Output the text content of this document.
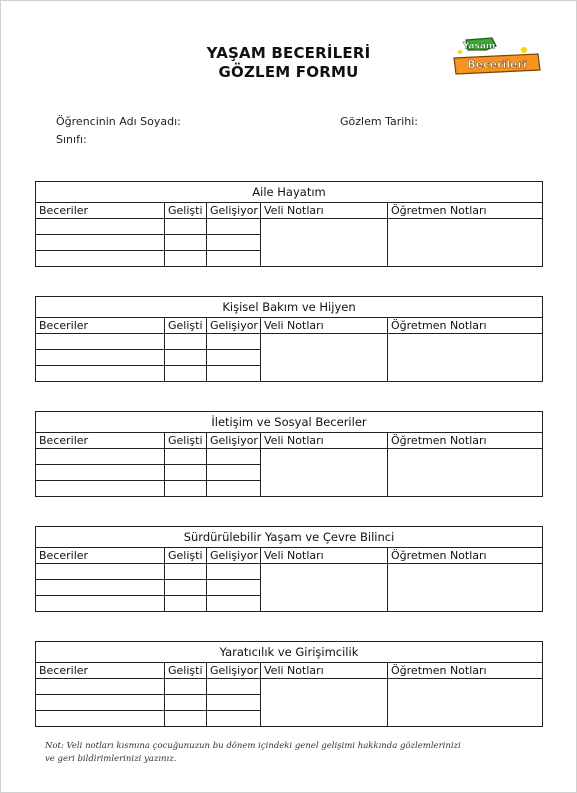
YAŞAM BECERİLERİ
GÖZLEM FORMU
Yaşam
Becerileri
Öğrencinin Adı Soyadı:
Sınıfı:
Gözlem Tarihi:
Aile Hayatım				
Beceriler	Gelişti	Gelişiyor	Veli Notları	Öğretmen Notları

Kişisel Bakım ve Hijyen				
Beceriler	Gelişti	Gelişiyor	Veli Notları	Öğretmen Notları

İletişim ve Sosyal Beceriler				
Beceriler	Gelişti	Gelişiyor	Veli Notları	Öğretmen Notları

Sürdürülebilir Yaşam ve Çevre Bilinci				
Beceriler	Gelişti	Gelişiyor	Veli Notları	Öğretmen Notları

Yaratıcılık ve Girişimcilik				
Beceriler	Gelişti	Gelişiyor	Veli Notları	Öğretmen Notları

Not: Veli notları kısmına çocuğunuzun bu dönem içindeki genel gelişimi hakkında gözlemlerinizi ve geri bildirimlerinizi yazınız.
